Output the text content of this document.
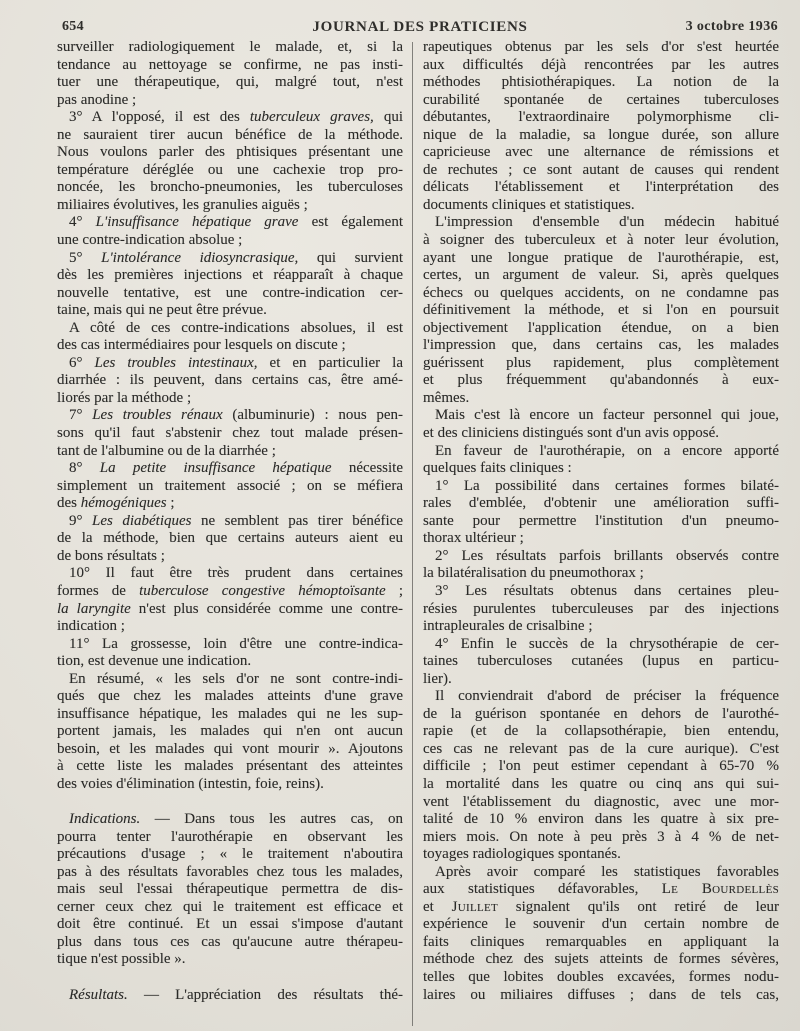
654	JOURNAL DES PRATICIENS	3 octobre 1936
surveiller radiologiquement le malade, et, si la
tendance au nettoyage se confirme, ne pas insti-
tuer une thérapeutique, qui, malgré tout, n'est
pas anodine ;
3° A l'opposé, il est des tuberculeux graves, qui
ne sauraient tirer aucun bénéfice de la méthode.
Nous voulons parler des phtisiques présentant une
température déréglée ou une cachexie trop pro-
noncée, les broncho-pneumonies, les tuberculoses
miliaires évolutives, les granulies aiguës ;
4° L'insuffisance hépatique grave est également
une contre-indication absolue ;
5° L'intolérance idiosyncrasique, qui survient
dès les premières injections et réapparaît à chaque
nouvelle tentative, est une contre-indication cer-
taine, mais qui ne peut être prévue.
A côté de ces contre-indications absolues, il est
des cas intermédiaires pour lesquels on discute ;
6° Les troubles intestinaux, et en particulier la
diarrhée : ils peuvent, dans certains cas, être amé-
liorés par la méthode ;
7° Les troubles rénaux (albuminurie) : nous pen-
sons qu'il faut s'abstenir chez tout malade présen-
tant de l'albumine ou de la diarrhée ;
8° La petite insuffisance hépatique nécessite
simplement un traitement associé ; on se méfiera
des hémogéniques ;
9° Les diabétiques ne semblent pas tirer bénéfice
de la méthode, bien que certains auteurs aient eu
de bons résultats ;
10° Il faut être très prudent dans certaines
formes de tuberculose congestive hémoptoïsante ;
la laryngite n'est plus considérée comme une contre-
indication ;
11° La grossesse, loin d'être une contre-indica-
tion, est devenue une indication.
En résumé, « les sels d'or ne sont contre-indi-
qués que chez les malades atteints d'une grave
insuffisance hépatique, les malades qui ne les sup-
portent jamais, les malades qui n'en ont aucun
besoin, et les malades qui vont mourir ». Ajoutons
à cette liste les malades présentant des atteintes
des voies d'élimination (intestin, foie, reins).
Indications. — Dans tous les autres cas, on
pourra tenter l'aurothérapie en observant les
précautions d'usage ; « le traitement n'aboutira
pas à des résultats favorables chez tous les malades,
mais seul l'essai thérapeutique permettra de dis-
cerner ceux chez qui le traitement est efficace et
doit être continué. Et un essai s'impose d'autant
plus dans tous ces cas qu'aucune autre thérapeu-
tique n'est possible ».
Résultats. — L'appréciation des résultats thé-
rapeutiques obtenus par les sels d'or s'est heurtée
aux difficultés déjà rencontrées par les autres
méthodes phtisiothérapiques. La notion de la
curabilité spontanée de certaines tuberculoses
débutantes, l'extraordinaire polymorphisme cli-
nique de la maladie, sa longue durée, son allure
capricieuse avec une alternance de rémissions et
de rechutes ; ce sont autant de causes qui rendent
délicats l'établissement et l'interprétation des
documents cliniques et statistiques.
L'impression d'ensemble d'un médecin habitué
à soigner des tuberculeux et à noter leur évolution,
ayant une longue pratique de l'aurothérapie, est,
certes, un argument de valeur. Si, après quelques
échecs ou quelques accidents, on ne condamne pas
définitivement la méthode, et si l'on en poursuit
objectivement l'application étendue, on a bien
l'impression que, dans certains cas, les malades
guérissent plus rapidement, plus complètement
et plus fréquemment qu'abandonnés à eux-
mêmes.
Mais c'est là encore un facteur personnel qui joue,
et des cliniciens distingués sont d'un avis opposé.
En faveur de l'aurothérapie, on a encore apporté
quelques faits cliniques :
1° La possibilité dans certaines formes bilaté-
rales d'emblée, d'obtenir une amélioration suffi-
sante pour permettre l'institution d'un pneumo-
thorax ultérieur ;
2° Les résultats parfois brillants observés contre
la bilatéralisation du pneumothorax ;
3° Les résultats obtenus dans certaines pleu-
résies purulentes tuberculeuses par des injections
intrapleurales de crisalbine ;
4° Enfin le succès de la chrysothérapie de cer-
taines tuberculoses cutanées (lupus en particu-
lier).
Il conviendrait d'abord de préciser la fréquence
de la guérison spontanée en dehors de l'aurothé-
rapie (et de la collapsothérapie, bien entendu,
ces cas ne relevant pas de la cure aurique). C'est
difficile ; l'on peut estimer cependant à 65-70 %
la mortalité dans les quatre ou cinq ans qui sui-
vent l'établissement du diagnostic, avec une mor-
talité de 10 % environ dans les quatre à six pre-
miers mois. On note à peu près 3 à 4 % de net-
toyages radiologiques spontanés.
Après avoir comparé les statistiques favorables
aux statistiques défavorables, Le Bourdellès
et Juillet signalent qu'ils ont retiré de leur
expérience le souvenir d'un certain nombre de
faits cliniques remarquables en appliquant la
méthode chez des sujets atteints de formes sévères,
telles que lobites doubles excavées, formes nodu-
laires ou miliaires diffuses ; dans de tels cas,
